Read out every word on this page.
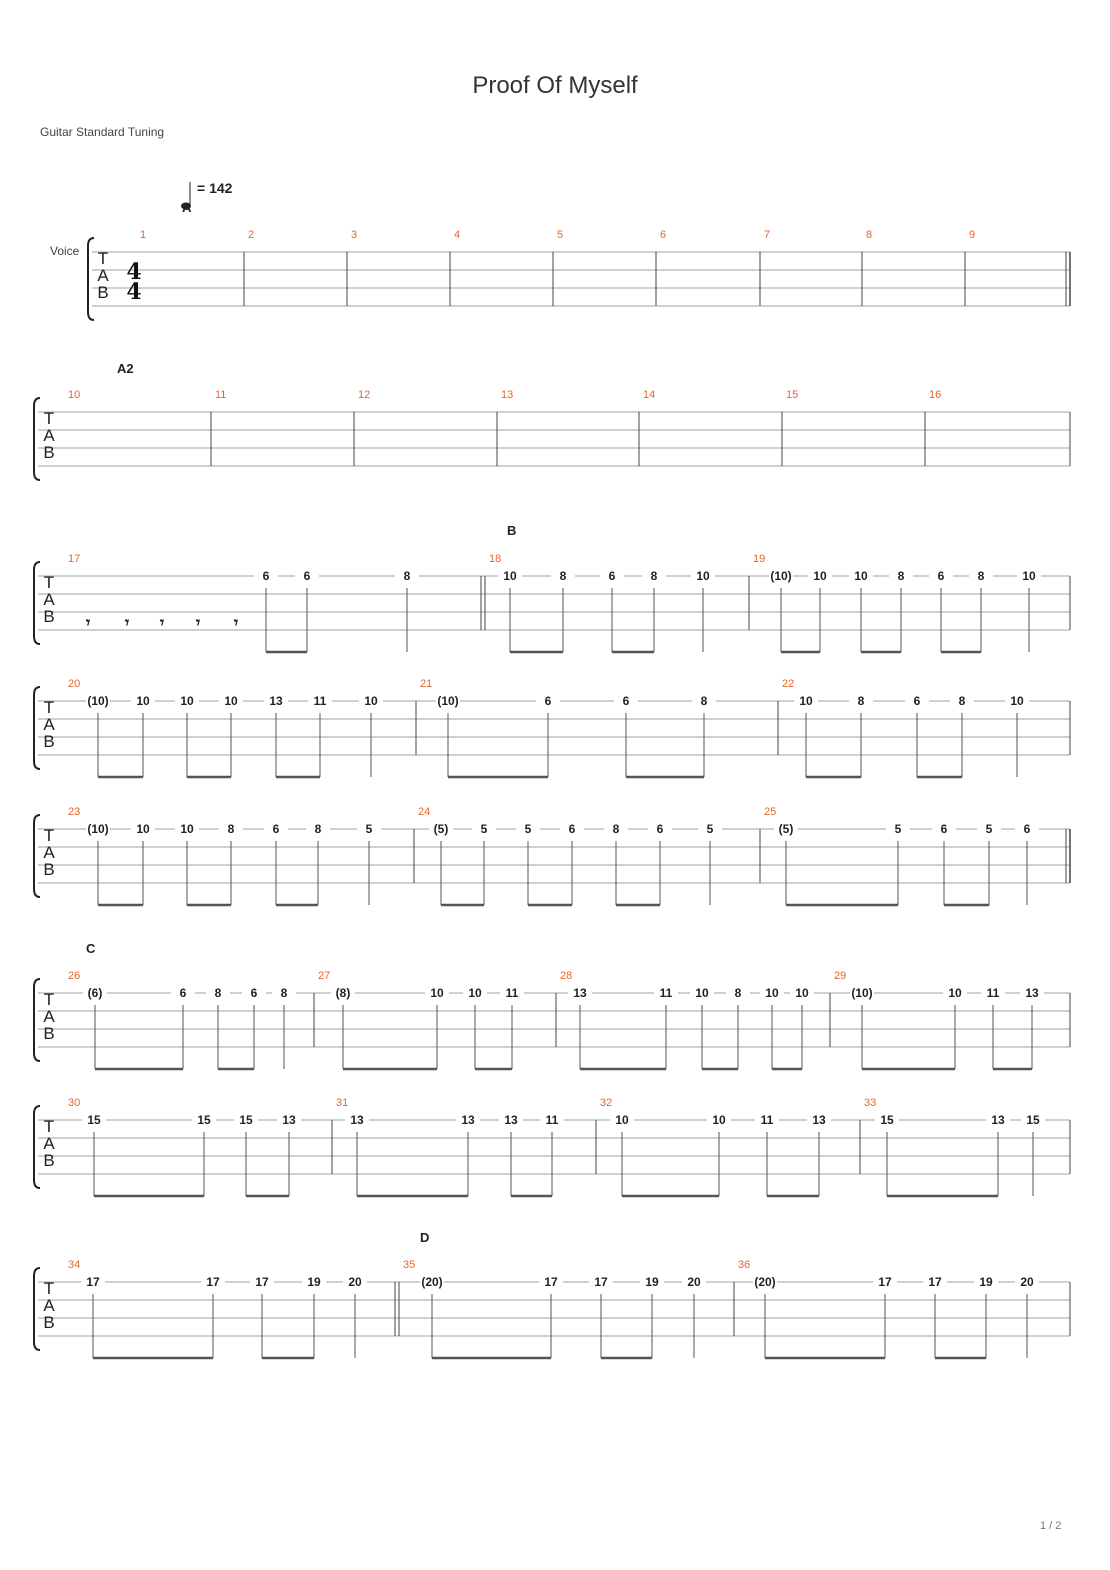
Proof Of Myself
Guitar Standard Tuning
1 / 2
T
A
B
4
4
1	2	3	4	5	6	7	8	9
T
A
B
A2
10	11	12	13	14	15	16
T
A
B
B
17	18	19
6	6	8	10	8	6	8	10	(10) 10 10 8	6	8	10
T
A
B
20	21	22
(10) 10	10	10	13	11	10	(10)	6	6	8	10	8	6	8	10
T
A
B
23	24	25
(10) 10	10	8	6	8	5	(5)	5	5	6	8	6	5	(5)	5	6	5	6
T
A
B
C
26	27	28	29
(6)	6 8 6 8	(8)	10 10 11	13	11 10 8 10 10	(10)	10 11 13
T
A
B
30	31	32	33
15	15 15 13	13	13 13 11	10	10	11	13	15	13 15
T
A
B
D
34	35	36
17	17	17	19 20	(20)	17	17	19 20	(20)	17	17	19 20
𝄾 𝄾 𝄾 𝄾 𝄾
= 142
Voice
